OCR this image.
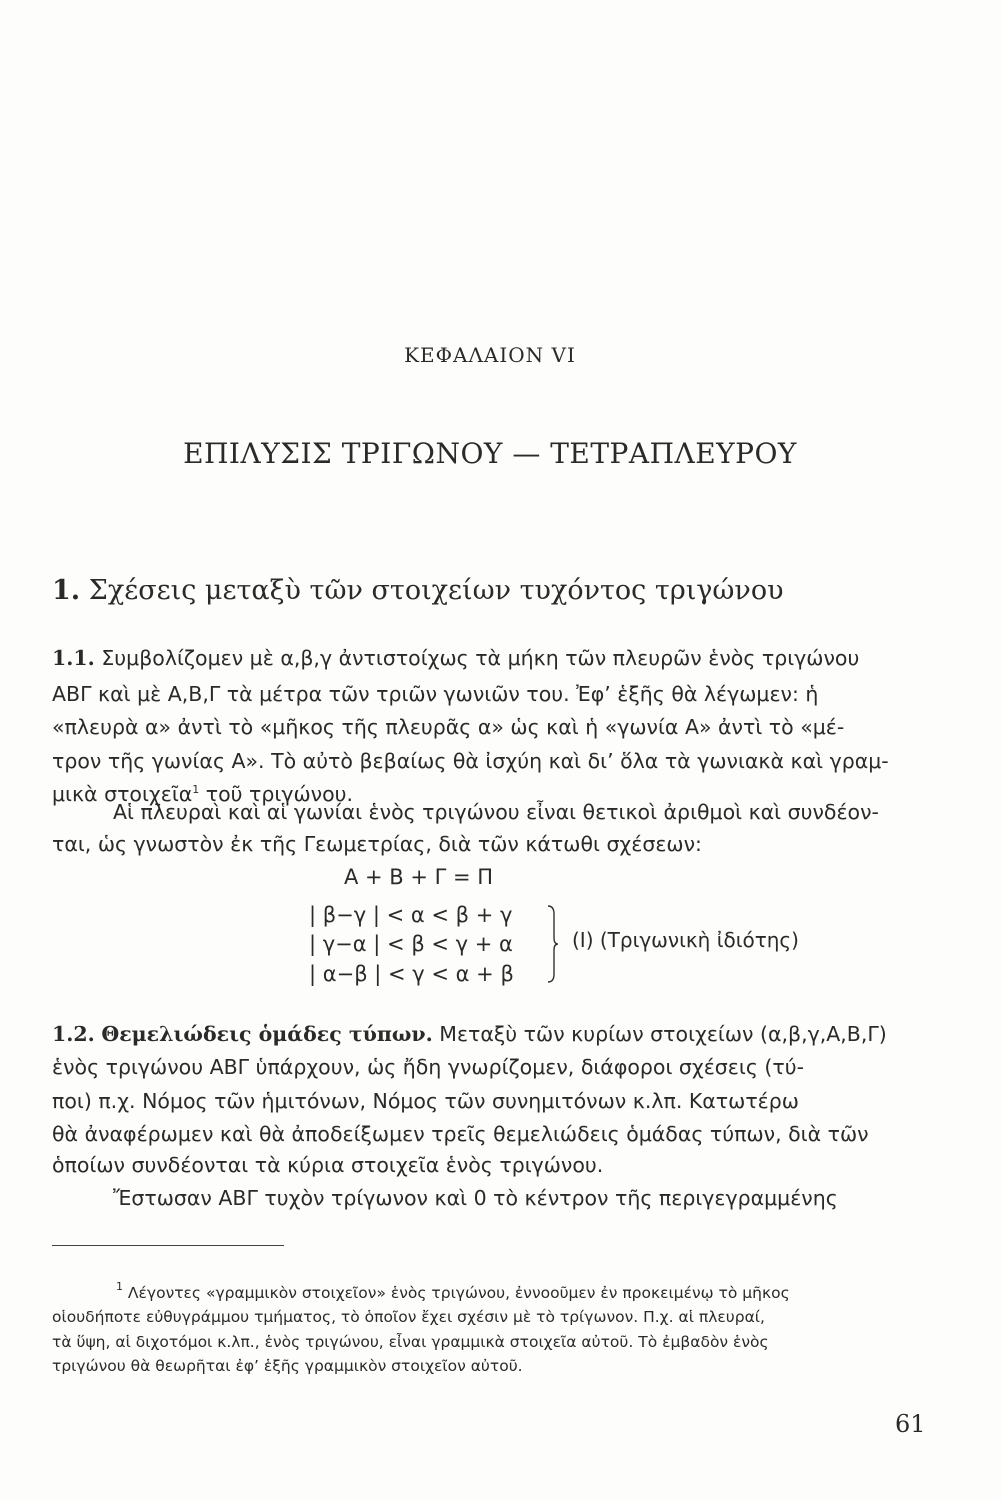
ΚΕΦΑΛΑΙΟΝ VI
ΕΠΙΛΥΣΙΣ ΤΡΙΓΩΝΟΥ — ΤΕΤΡΑΠΛΕΥΡΟΥ
1. Σχέσεις μεταξὺ τῶν στοιχείων τυχόντος τριγώνου
1.1. Συμβολίζομεν μὲ α,β,γ ἀντιστοίχως τὰ μήκη τῶν πλευρῶν ἑνὸς τριγώνου
ΑΒΓ καὶ μὲ Α,Β,Γ τὰ μέτρα τῶν τριῶν γωνιῶν του. Ἐφ’ ἑξῆς θὰ λέγωμεν: ἡ
«πλευρὰ α» ἀντὶ τὸ «μῆκος τῆς πλευρᾶς α» ὡς καὶ ἡ «γωνία Α» ἀντὶ τὸ «μέ-
τρον τῆς γωνίας Α». Τὸ αὐτὸ βεβαίως θὰ ἰσχύη καὶ δι’ ὅλα τὰ γωνιακὰ καὶ γραμ-
μικὰ στοιχεῖα$^1$ τοῦ τριγώνου.
Αἱ πλευραὶ καὶ αἱ γωνίαι ἑνὸς τριγώνου εἶναι θετικοὶ ἀριθμοὶ καὶ συνδέον-
ται, ὡς γνωστὸν ἐκ τῆς Γεωμετρίας, διὰ τῶν κάτωθι σχέσεων:
Α + Β + Γ = Π
| β−γ | < α < β + γ
| γ−α | < β < γ + α
| α−β | < γ < α + β
(I) (Τριγωνικὴ ἰδιότης)
1.2. Θεμελιώδεις ὁμάδες τύπων. Μεταξὺ τῶν κυρίων στοιχείων (α,β,γ,Α,Β,Γ)
ἑνὸς τριγώνου ΑΒΓ ὑπάρχουν, ὡς ἤδη γνωρίζομεν, διάφοροι σχέσεις (τύ-
ποι) π.χ. Νόμος τῶν ἡμιτόνων, Νόμος τῶν συνημιτόνων κ.λπ. Κατωτέρω
θὰ ἀναφέρωμεν καὶ θὰ ἀποδείξωμεν τρεῖς θεμελιώδεις ὁμάδας τύπων, διὰ τῶν
ὁποίων συνδέονται τὰ κύρια στοιχεῖα ἑνὸς τριγώνου.
Ἔστωσαν ΑΒΓ τυχὸν τρίγωνον καὶ 0 τὸ κέντρον τῆς περιγεγραμμένης
$^1$ Λέγοντες «γραμμικὸν στοιχεῖον» ἑνὸς τριγώνου, ἐννοοῦμεν ἐν προκειμένῳ τὸ μῆκος
οἱουδήποτε εὐθυγράμμου τμήματος, τὸ ὁποῖον ἔχει σχέσιν μὲ τὸ τρίγωνον. Π.χ. αἱ πλευραί,
τὰ ὕψη, αἱ διχοτόμοι κ.λπ., ἑνὸς τριγώνου, εἶναι γραμμικὰ στοιχεῖα αὐτοῦ. Τὸ ἐμβαδὸν ἑνὸς
τριγώνου θὰ θεωρῆται ἐφ’ ἑξῆς γραμμικὸν στοιχεῖον αὐτοῦ.
61
